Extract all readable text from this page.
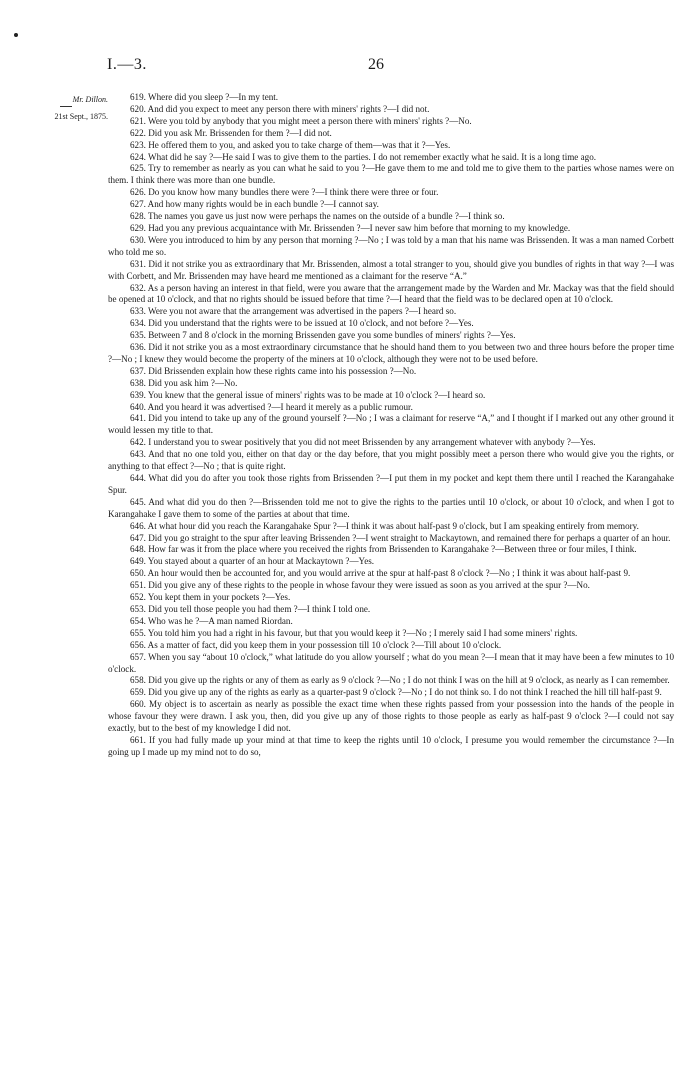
I.—3.	26
Mr. Dillon.
21st Sept., 1875.

619. Where did you sleep ?—In my tent.

620. And did you expect to meet any person there with miners' rights ?—I did not.

621. Were you told by anybody that you might meet a person there with miners' rights ?—No.

622. Did you ask Mr. Brissenden for them ?—I did not.

623. He offered them to you, and asked you to take charge of them—was that it ?—Yes.

624. What did he say ?—He said I was to give them to the parties. I do not remember exactly what he said. It is a long time ago.

625. Try to remember as nearly as you can what he said to you ?—He gave them to me and told me to give them to the parties whose names were on them. I think there was more than one bundle.

626. Do you know how many bundles there were ?—I think there were three or four.

627. And how many rights would be in each bundle ?—I cannot say.

628. The names you gave us just now were perhaps the names on the outside of a bundle ?—I think so.

629. Had you any previous acquaintance with Mr. Brissenden ?—I never saw him before that morning to my knowledge.

630. Were you introduced to him by any person that morning ?—No ; I was told by a man that his name was Brissenden. It was a man named Corbett who told me so.

631. Did it not strike you as extraordinary that Mr. Brissenden, almost a total stranger to you, should give you bundles of rights in that way ?—I was with Corbett, and Mr. Brissenden may have heard me mentioned as a claimant for the reserve “A.”

632. As a person having an interest in that field, were you aware that the arrangement made by the Warden and Mr. Mackay was that the field should be opened at 10 o'clock, and that no rights should be issued before that time ?—I heard that the field was to be declared open at 10 o'clock.

633. Were you not aware that the arrangement was advertised in the papers ?—I heard so.

634. Did you understand that the rights were to be issued at 10 o'clock, and not before ?—Yes.

635. Between 7 and 8 o'clock in the morning Brissenden gave you some bundles of miners' rights ?—Yes.

636. Did it not strike you as a most extraordinary circumstance that he should hand them to you between two and three hours before the proper time ?—No ; I knew they would become the property of the miners at 10 o'clock, although they were not to be used before.

637. Did Brissenden explain how these rights came into his possession ?—No.

638. Did you ask him ?—No.

639. You knew that the general issue of miners' rights was to be made at 10 o'clock ?—I heard so.

640. And you heard it was advertised ?—I heard it merely as a public rumour.

641. Did you intend to take up any of the ground yourself ?—No ; I was a claimant for reserve “A,” and I thought if I marked out any other ground it would lessen my title to that.

642. I understand you to swear positively that you did not meet Brissenden by any arrangement whatever with anybody ?—Yes.

643. And that no one told you, either on that day or the day before, that you might possibly meet a person there who would give you the rights, or anything to that effect ?—No ; that is quite right.

644. What did you do after you took those rights from Brissenden ?—I put them in my pocket and kept them there until I reached the Karangahake Spur.

645. And what did you do then ?—Brissenden told me not to give the rights to the parties until 10 o'clock, or about 10 o'clock, and when I got to Karangahake I gave them to some of the parties at about that time.

646. At what hour did you reach the Karangahake Spur ?—I think it was about half-past 9 o'clock, but I am speaking entirely from memory.

647. Did you go straight to the spur after leaving Brissenden ?—I went straight to Mackaytown, and remained there for perhaps a quarter of an hour.

648. How far was it from the place where you received the rights from Brissenden to Karangahake ?—Between three or four miles, I think.

649. You stayed about a quarter of an hour at Mackaytown ?—Yes.

650. An hour would then be accounted for, and you would arrive at the spur at half-past 8 o'clock ?—No ; I think it was about half-past 9.

651. Did you give any of these rights to the people in whose favour they were issued as soon as you arrived at the spur ?—No.

652. You kept them in your pockets ?—Yes.

653. Did you tell those people you had them ?—I think I told one.

654. Who was he ?—A man named Riordan.

655. You told him you had a right in his favour, but that you would keep it ?—No ; I merely said I had some miners' rights.

656. As a matter of fact, did you keep them in your possession till 10 o'clock ?—Till about 10 o'clock.

657. When you say “about 10 o'clock,” what latitude do you allow yourself ; what do you mean ?—I mean that it may have been a few minutes to 10 o'clock.

658. Did you give up the rights or any of them as early as 9 o'clock ?—No ; I do not think I was on the hill at 9 o'clock, as nearly as I can remember.

659. Did you give up any of the rights as early as a quarter-past 9 o'clock ?—No ; I do not think so. I do not think I reached the hill till half-past 9.

660. My object is to ascertain as nearly as possible the exact time when these rights passed from your possession into the hands of the people in whose favour they were drawn. I ask you, then, did you give up any of those rights to those people as early as half-past 9 o'clock ?—I could not say exactly, but to the best of my knowledge I did not.

661. If you had fully made up your mind at that time to keep the rights until 10 o'clock, I presume you would remember the circumstance ?—In going up I made up my mind not to do so,
